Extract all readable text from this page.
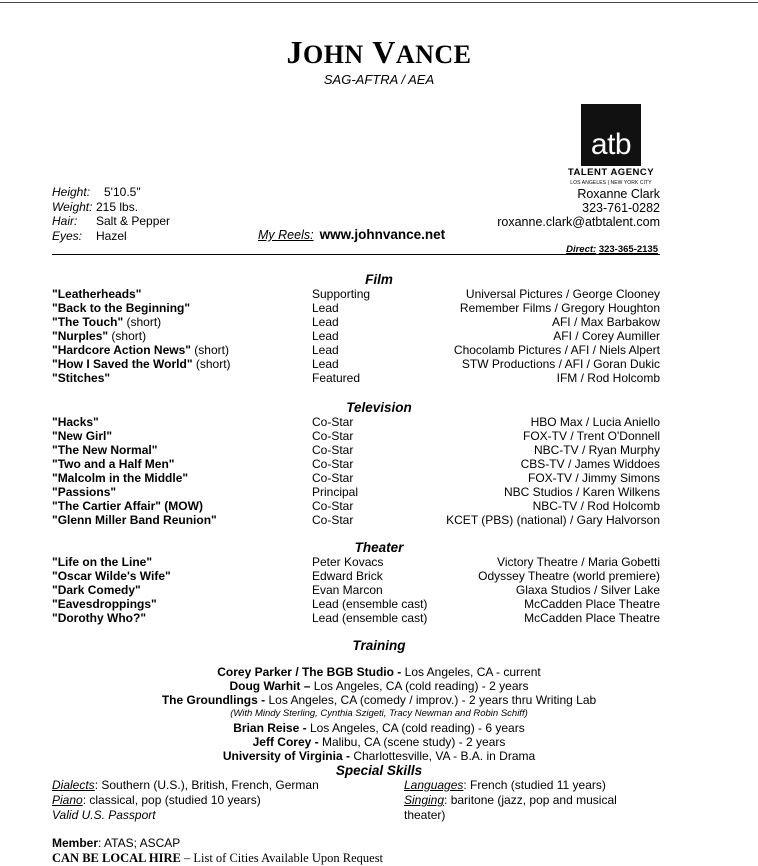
JOHN VANCE
SAG-AFTRA / AEA
atb
TALENT AGENCY
LOS ANGELES | NEW YORK CITY
Roxanne Clark
323-761-0282
roxanne.clark@atbtalent.com
Height:	5'10.5"
Weight: 215 lbs.
Hair:	Salt & Pepper
Eyes:	Hazel	My Reels: www.johnvance.net
Direct: 323-365-2135
Film
"Leatherheads"	Supporting	Universal Pictures / George Clooney
"Back to the Beginning"	Lead	Remember Films / Gregory Houghton
"The Touch" (short)	Lead	AFI / Max Barbakow
"Nurples" (short)	Lead	AFI / Corey Aumiller
"Hardcore Action News" (short)	Lead	Chocolamb Pictures / AFI / Niels Alpert
"How I Saved the World" (short)	Lead	STW Productions / AFI / Goran Dukic
"Stitches"	Featured	IFM / Rod Holcomb
Television
"Hacks"	Co-Star	HBO Max / Lucia Aniello
"New Girl"	Co-Star	FOX-TV / Trent O'Donnell
"The New Normal"	Co-Star	NBC-TV / Ryan Murphy
"Two and a Half Men"	Co-Star	CBS-TV / James Widdoes
"Malcolm in the Middle"	Co-Star	FOX-TV / Jimmy Simons
"Passions"	Principal	NBC Studios / Karen Wilkens
"The Cartier Affair" (MOW)	Co-Star	NBC-TV / Rod Holcomb
"Glenn Miller Band Reunion"	Co-Star	KCET (PBS) (national) / Gary Halvorson
Theater
"Life on the Line"	Peter Kovacs	Victory Theatre / Maria Gobetti
"Oscar Wilde's Wife"	Edward Brick	Odyssey Theatre (world premiere)
"Dark Comedy"	Evan Marcon	Glaxa Studios / Silver Lake
"Eavesdroppings"	Lead (ensemble cast)	McCadden Place Theatre
"Dorothy Who?"	Lead (ensemble cast)	McCadden Place Theatre
Training
Corey Parker / The BGB Studio - Los Angeles, CA - current
Doug Warhit – Los Angeles, CA (cold reading) - 2 years
The Groundlings - Los Angeles, CA (comedy / improv.) - 2 years thru Writing Lab
(With Mindy Sterling, Cynthia Szigeti, Tracy Newman and Robin Schiff)
Brian Reise - Los Angeles, CA (cold reading) - 6 years
Jeff Corey - Malibu, CA (scene study) - 2 years
University of Virginia - Charlottesville, VA - B.A. in Drama
Special Skills
Dialects: Southern (U.S.), British, French, German	Languages: French (studied 11 years)
Piano: classical, pop (studied 10 years)	Singing: baritone (jazz, pop and musical theater)
Valid U.S. Passport
Member: ATAS; ASCAP
CAN BE LOCAL HIRE – List of Cities Available Upon Request
